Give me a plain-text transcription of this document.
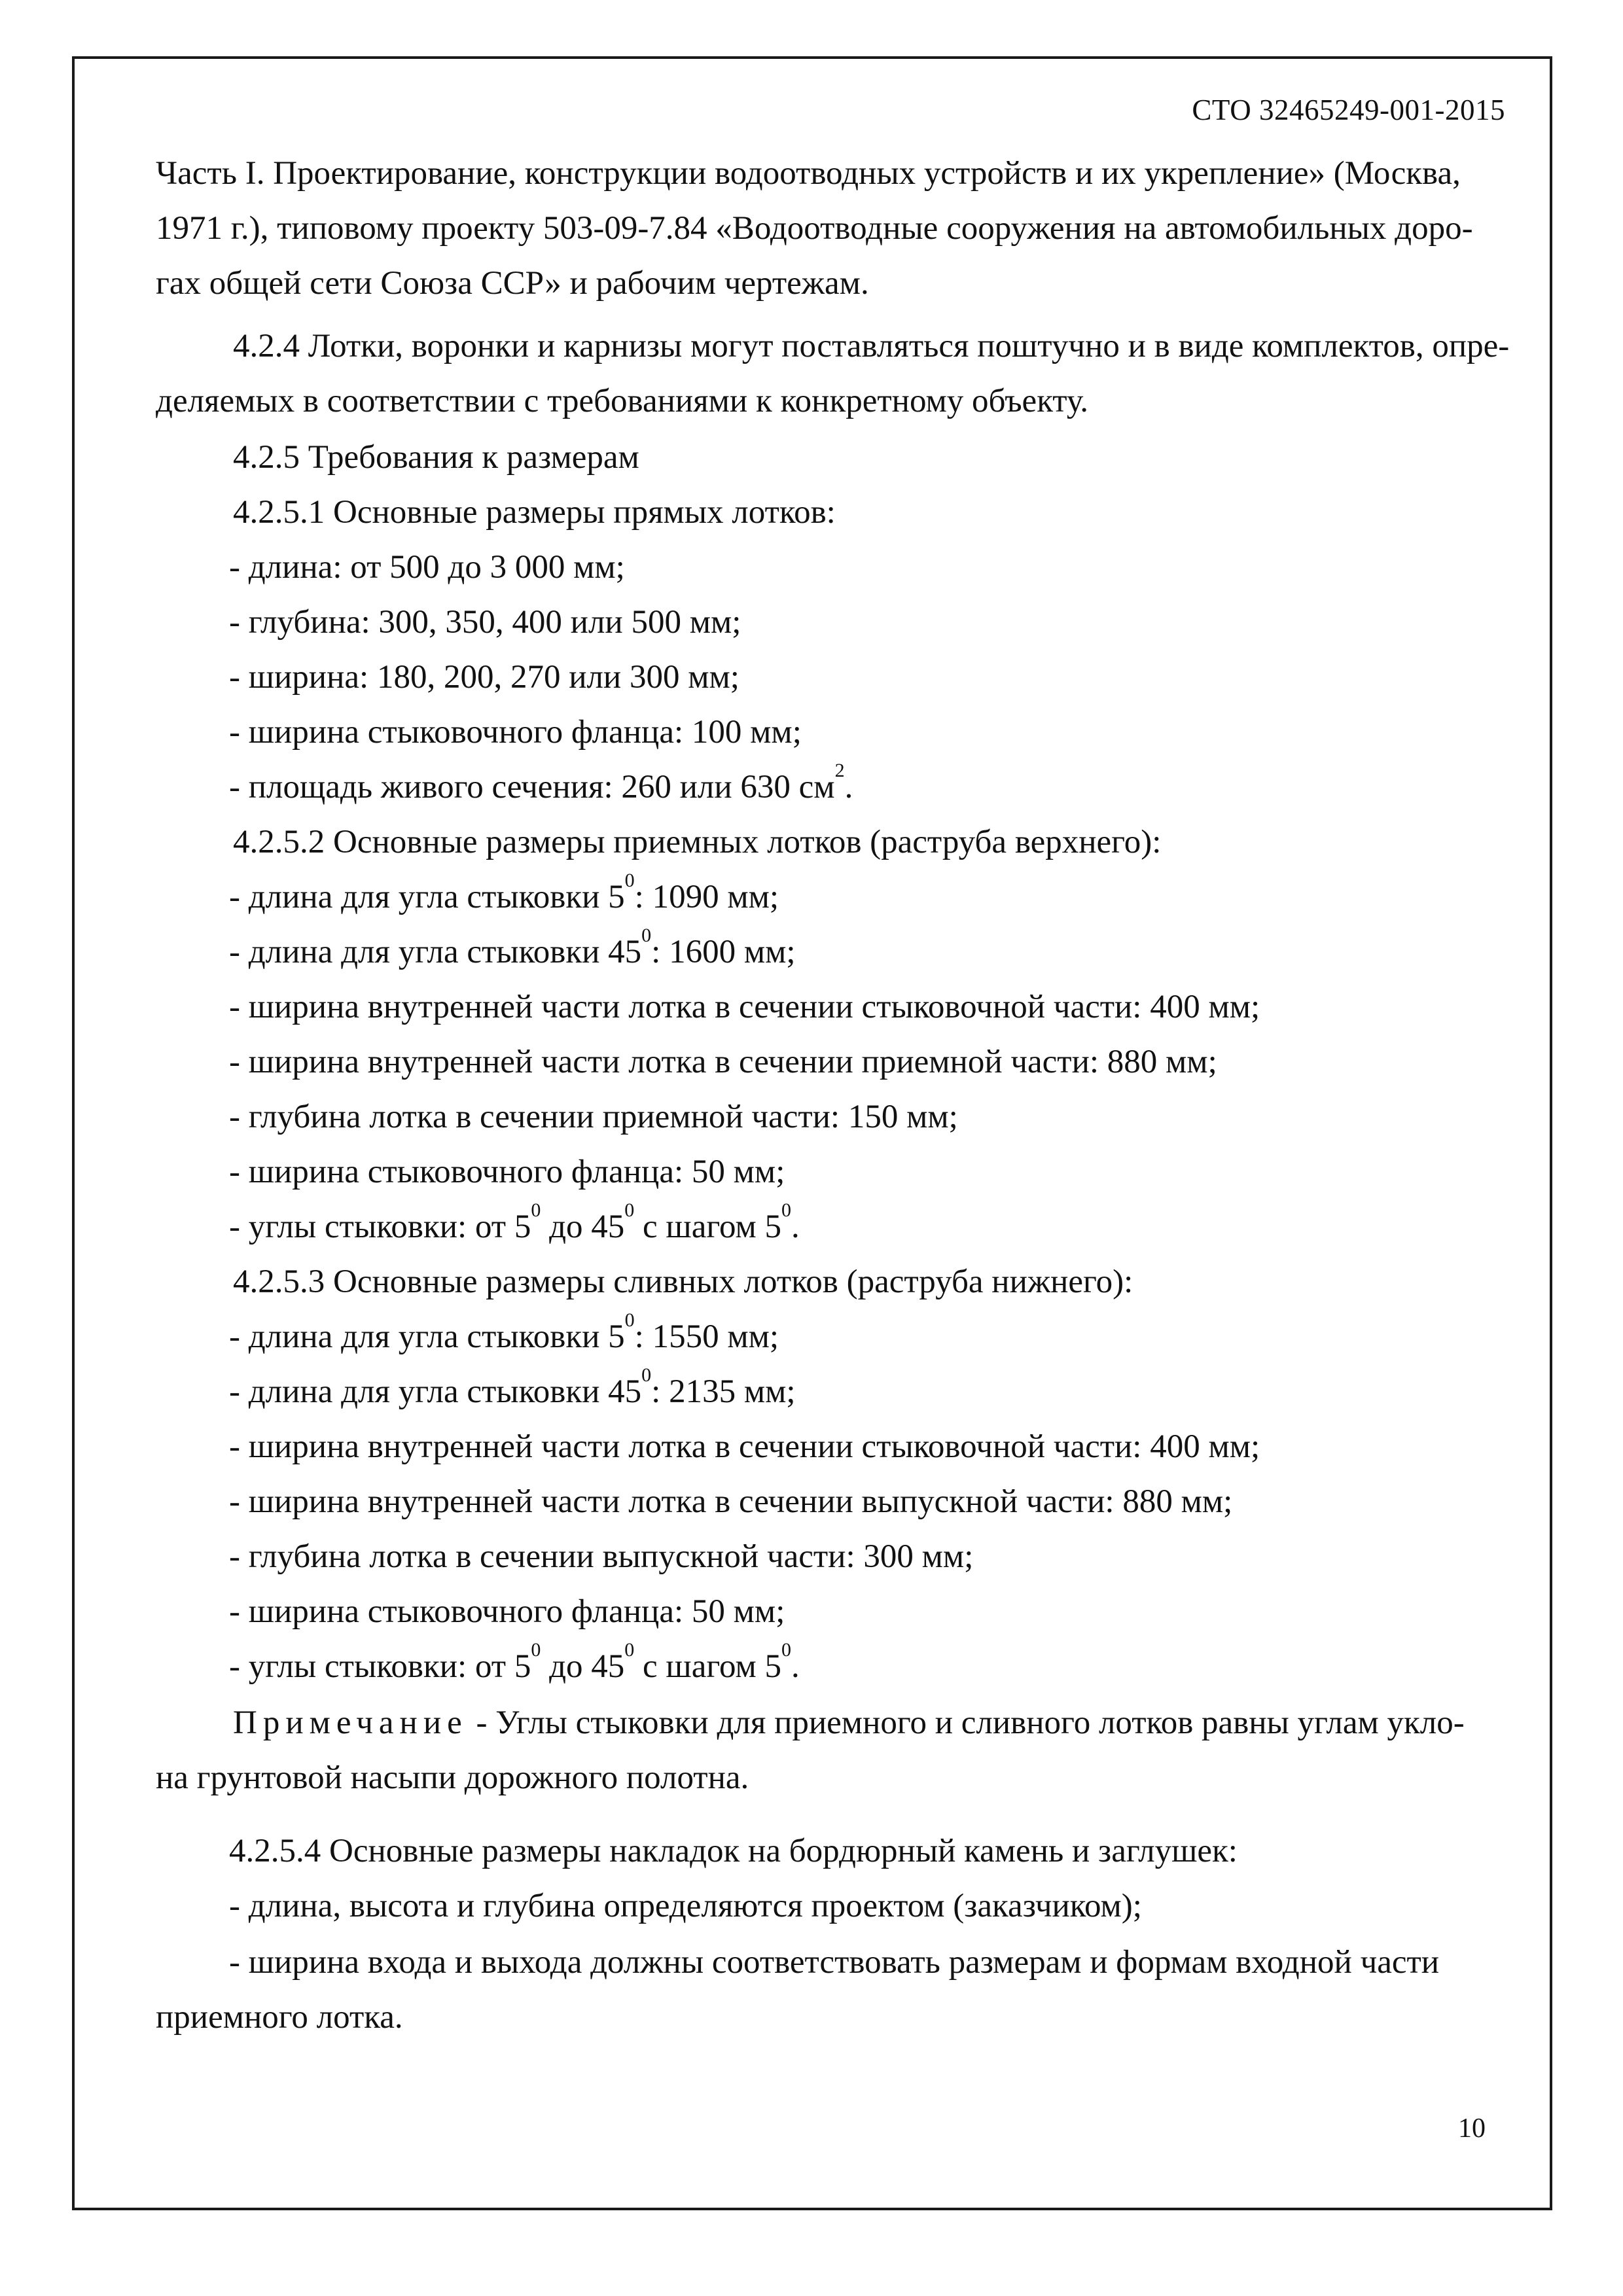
СТО 32465249-001-2015
Часть I. Проектирование, конструкции водоотводных устройств и их укрепление» (Москва,
1971 г.), типовому проекту 503-09-7.84 «Водоотводные сооружения на автомобильных доро-
гах общей сети Союза ССР» и рабочим чертежам.
4.2.4 Лотки, воронки и карнизы могут поставляться поштучно и в виде комплектов, опре-
деляемых в соответствии с требованиями к конкретному объекту.
4.2.5 Требования к размерам
4.2.5.1 Основные размеры прямых лотков:
- длина: от 500 до 3 000 мм;
- глубина: 300, 350, 400 или 500 мм;
- ширина: 180, 200, 270 или 300 мм;
- ширина стыковочного фланца: 100 мм;
- площадь живого сечения: 260 или 630 $см^2$.
4.2.5.2 Основные размеры приемных лотков (раструба верхнего):
- длина для угла стыковки $5^0$: 1090 мм;
- длина для угла стыковки $45^0$: 1600 мм;
- ширина внутренней части лотка в сечении стыковочной части: 400 мм;
- ширина внутренней части лотка в сечении приемной части: 880 мм;
- глубина лотка в сечении приемной части: 150 мм;
- ширина стыковочного фланца: 50 мм;
- углы стыковки: от $5^0$ до $45^0$ с шагом $5^0$.
4.2.5.3 Основные размеры сливных лотков (раструба нижнего):
- длина для угла стыковки $5^0$: 1550 мм;
- длина для угла стыковки $45^0$: 2135 мм;
- ширина внутренней части лотка в сечении стыковочной части: 400 мм;
- ширина внутренней части лотка в сечении выпускной части: 880 мм;
- глубина лотка в сечении выпускной части: 300 мм;
- ширина стыковочного фланца: 50 мм;
- углы стыковки: от $5^0$ до $45^0$ с шагом $5^0$.
Примечание - Углы стыковки для приемного и сливного лотков равны углам укло-
на грунтовой насыпи дорожного полотна.
4.2.5.4 Основные размеры накладок на бордюрный камень и заглушек:
- длина, высота и глубина определяются проектом (заказчиком);
- ширина входа и выхода должны соответствовать размерам и формам входной части
приемного лотка.
10
